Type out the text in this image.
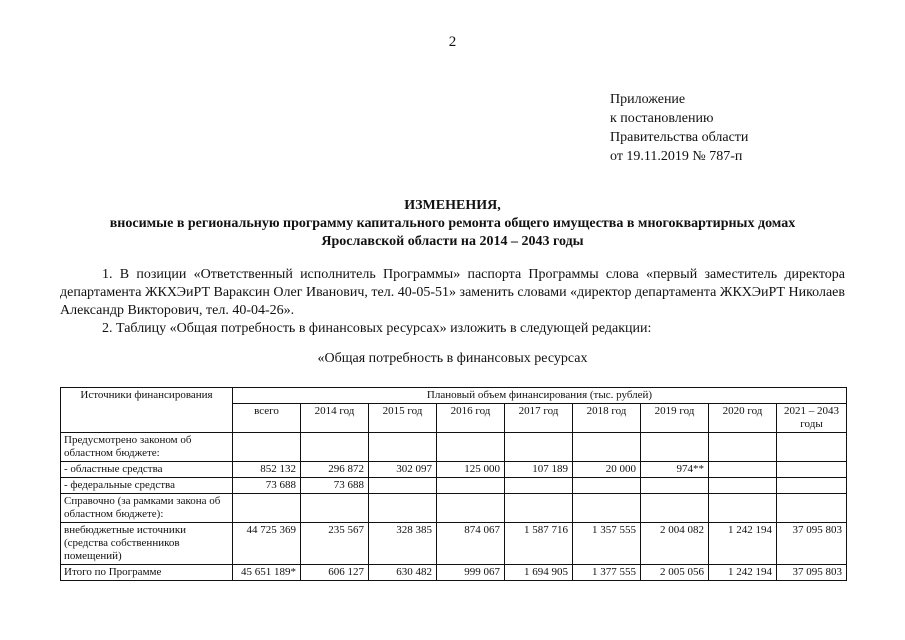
2
Приложение
к постановлению
Правительства области
от 19.11.2019 № 787-п
ИЗМЕНЕНИЯ,
вносимые в региональную программу капитального ремонта общего имущества в многоквартирных домах
Ярославской области на 2014 – 2043 годы
1. В позиции «Ответственный исполнитель Программы» паспорта Программы слова «первый заместитель директора департамента ЖКХЭиРТ Вараксин Олег Иванович, тел. 40-05-51» заменить словами «директор департамента ЖКХЭиРТ Николаев Александр Викторович, тел. 40-04-26».
2. Таблицу «Общая потребность в финансовых ресурсах» изложить в следующей редакции:
«Общая потребность в финансовых ресурсах
Источники финансирования	Плановый объем финансирования (тыс. рублей)								
	всего	2014 год	2015 год	2016 год	2017 год	2018 год	2019 год	2020 год	2021 – 2043 годы
Предусмотрено законом об областном бюджете:									
- областные средства	852 132	296 872	302 097	125 000	107 189	20 000	974**		
- федеральные средства	73 688	73 688							
Справочно (за рамками закона об областном бюджете):									
внебюджетные источники (средства собственников помещений)	44 725 369	235 567	328 385	874 067	1 587 716	1 357 555	2 004 082	1 242 194	37 095 803
Итого по Программе	45 651 189*	606 127	630 482	999 067	1 694 905	1 377 555	2 005 056	1 242 194	37 095 803
